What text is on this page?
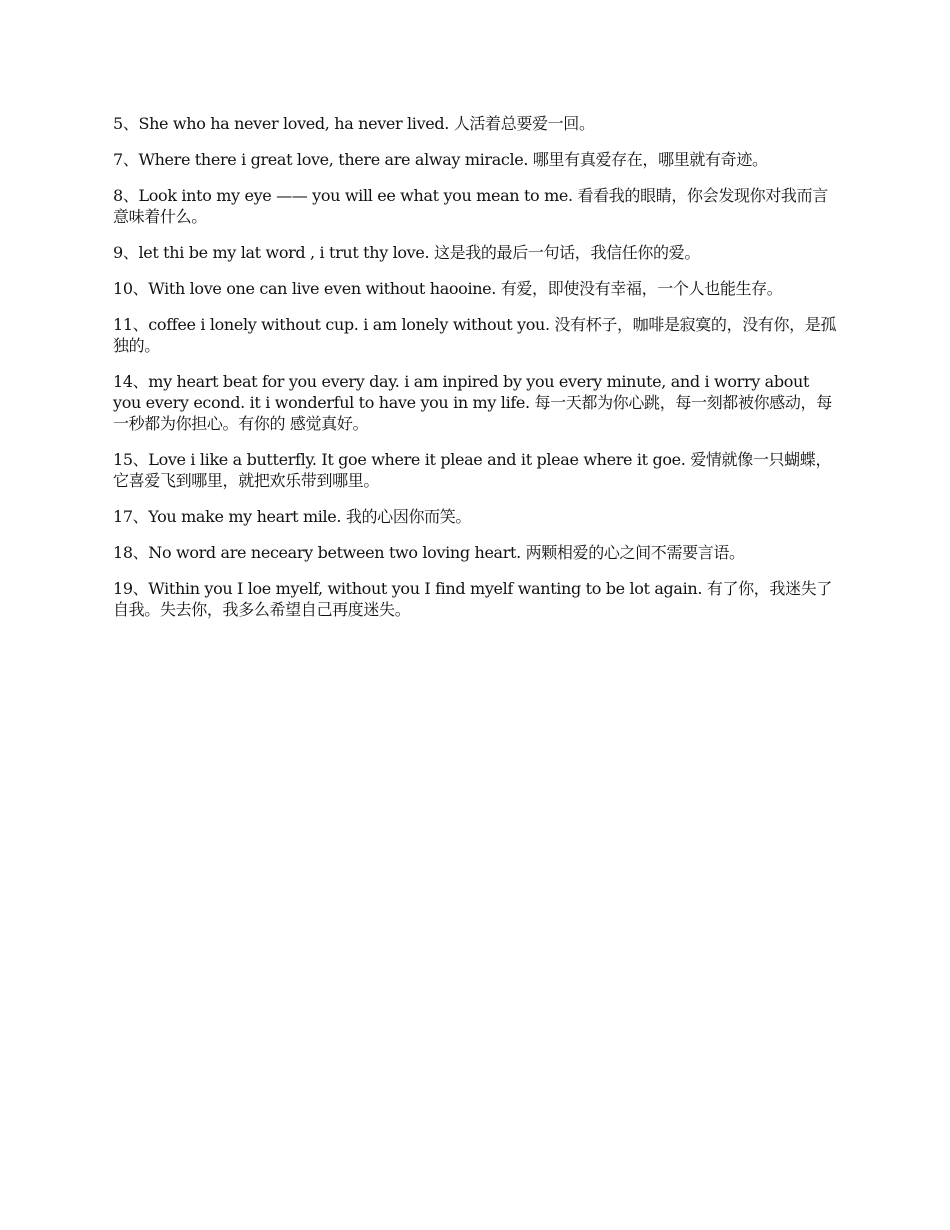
5、She who ha never loved, ha never lived. 人活着总要爱一回。

7、Where there i great love, there are alway miracle. 哪里有真爱存在，哪里就有奇迹。

8、Look into my eye —— you will ee what you mean to me. 看看我的眼睛，你会发现你对我而言意味着什么。

9、let thi be my lat word , i trut thy love. 这是我的最后一句话，我信任你的爱。

10、With love one can live even without haooine. 有爱，即使没有幸福，一个人也能生存。

11、coffee i lonely without cup. i am lonely without you. 没有杯子，咖啡是寂寞的，没有你，是孤独的。

14、my heart beat for you every day. i am inpired by you every minute, and i worry about you every econd. it i wonderful to have you in my life. 每一天都为你心跳，每一刻都被你感动，每一秒都为你担心。有你的 感觉真好。

15、Love i like a butterfly. It goe where it pleae and it pleae where it goe. 爱情就像一只蝴蝶，它喜爱飞到哪里，就把欢乐带到哪里。

17、You make my heart mile. 我的心因你而笑。

18、No word are neceary between two loving heart. 两颗相爱的心之间不需要言语。

19、Within you I loe myelf, without you I find myelf wanting to be lot again. 有了你，我迷失了自我。失去你，我多么希望自己再度迷失。
